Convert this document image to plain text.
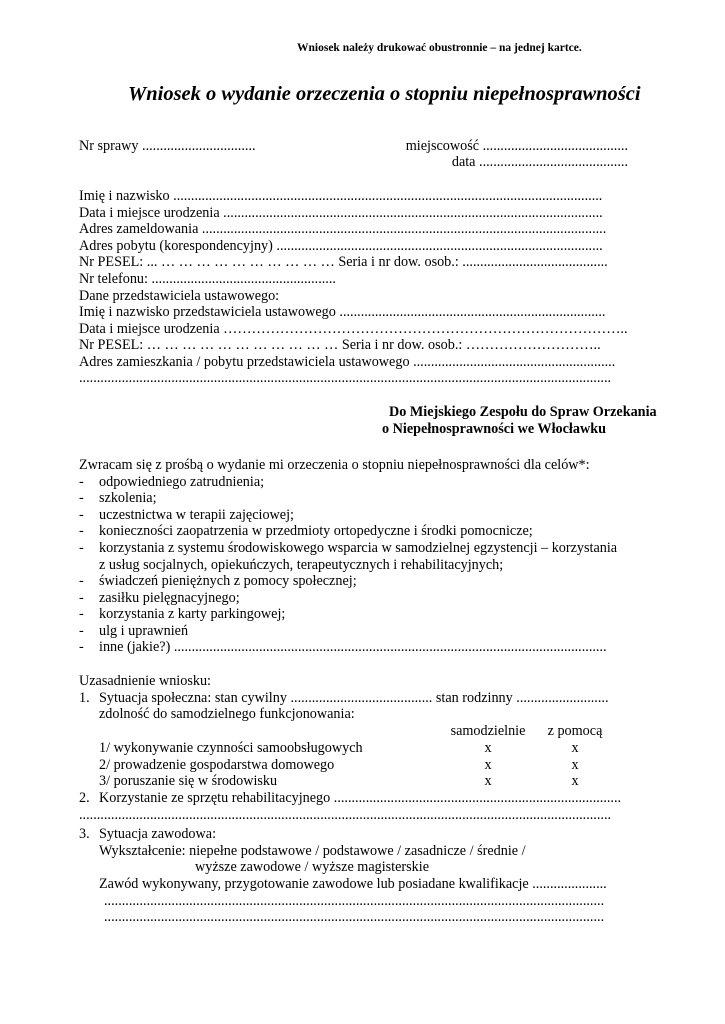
Wniosek należy drukować obustronnie – na jednej kartce.
Wniosek o wydanie orzeczenia o stopniu niepełnosprawności
Nr sprawy ................................	miejscowość .........................................
data ..........................................
Imię i nazwisko .........................................................................................................................
Data i miejsce urodzenia ...........................................................................................................
Adres zameldowania ..................................................................................................................
Adres pobytu (korespondencyjny) ............................................................................................
Nr PESEL: ... … … … … … … … … … … Seria i nr dow. osob.: .........................................
Nr telefonu: ....................................................
Dane przedstawiciela ustawowego:
Imię i nazwisko przedstawiciela ustawowego ...........................................................................
Data i miejsce urodzenia …………………………………………………………………………..
Nr PESEL: … … … … … … … … … … … Seria i nr dow. osob.: ………………………..
Adres zamieszkania / pobytu przedstawiciela ustawowego .........................................................
......................................................................................................................................................
Do Miejskiego Zespołu do Spraw Orzekania
o Niepełnosprawności we Włocławku
Zwracam się z prośbą o wydanie mi orzeczenia o stopniu niepełnosprawności dla celów*:
- odpowiedniego zatrudnienia;
- szkolenia;
- uczestnictwa w terapii zajęciowej;
- konieczności zaopatrzenia w przedmioty ortopedyczne i środki pomocnicze;
- korzystania z systemu środowiskowego wsparcia w samodzielnej egzystencji – korzystania
z usług socjalnych, opiekuńczych, terapeutycznych i rehabilitacyjnych;
- świadczeń pieniężnych z pomocy społecznej;
- zasiłku pielęgnacyjnego;
- korzystania z karty parkingowej;
- ulg i uprawnień
- inne (jakie?) ..........................................................................................................................
Uzasadnienie wniosku:
1. Sytuacja społeczna: stan cywilny ........................................ stan rodzinny ..........................
zdolność do samodzielnego funkcjonowania:
samodzielnie	z pomocą
1/ wykonywanie czynności samoobsługowych	x	x
2/ prowadzenie gospodarstwa domowego	x	x
3/ poruszanie się w środowisku	x	x
2. Korzystanie ze sprzętu rehabilitacyjnego .................................................................................
......................................................................................................................................................
3. Sytuacja zawodowa:
Wykształcenie: niepełne podstawowe / podstawowe / zasadnicze / średnie /
wyższe zawodowe / wyższe magisterskie
Zawód wykonywany, przygotowanie zawodowe lub posiadane kwalifikacje .....................
.............................................................................................................................................
.............................................................................................................................................
